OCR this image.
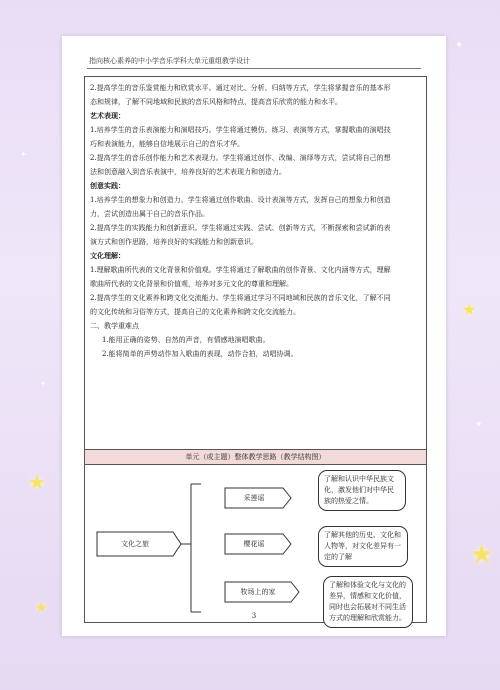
★
★
★
★
✦
✦
✦
✦
指向核心素养的中小学音乐学科大单元重组教学设计

2.提高学生的音乐鉴赏能力和欣赏水平。通过对比、分析、归纳等方式，学生将掌握音乐的基本形

态和规律，了解不同地域和民族的音乐风格和特点，提高音乐欣赏的能力和水平。

艺术表现：

1.培养学生的音乐表演能力和演唱技巧。学生将通过模仿、练习、表演等方式，掌握歌曲的演唱技

巧和表演能力，能够自信地展示自己的音乐才华。

2.提高学生的音乐创作能力和艺术表现力。学生将通过创作、改编、演绎等方式，尝试将自己的想

法和创意融入到音乐表演中，培养良好的艺术表现力和创造力。

创意实践：

1.培养学生的想象力和创造力。学生将通过创作歌曲、设计表演等方式，发挥自己的想象力和创造

力，尝试创造出属于自己的音乐作品。

2.提高学生的实践能力和创新意识。学生将通过实践、尝试、创新等方式，不断探索和尝试新的表

演方式和创作思路，培养良好的实践能力和创新意识。

文化理解：

1.理解歌曲所代表的文化背景和价值观。学生将通过了解歌曲的创作背景、文化内涵等方式，理解

歌曲所代表的文化背景和价值观，培养对多元文化的尊重和理解。

2.提高学生的文化素养和跨文化交流能力。学生将通过学习不同地域和民族的音乐文化，了解不同

的文化传统和习俗等方式，提高自己的文化素养和跨文化交流能力。

二、教学重难点

1.能用正确的姿势、自然的声音，有情感地演唱歌曲。

2.能将简单的声势动作加入歌曲的表现，动作合拍，动唱协调。

单元（或主题）整体教学思路（教学结构图）
文化之旅
采莲谣
樱花谣
牧场上的家
了解和认识中华民族文化，激发他们对中华民族的热爱之情。
了解其他的历史、文化和人物等，对文化差异有一定的了解
了解和体验文化与文化的差异，情感和文化价值，同时也会拓展对不同生活方式的理解和欣赏能力。
3
